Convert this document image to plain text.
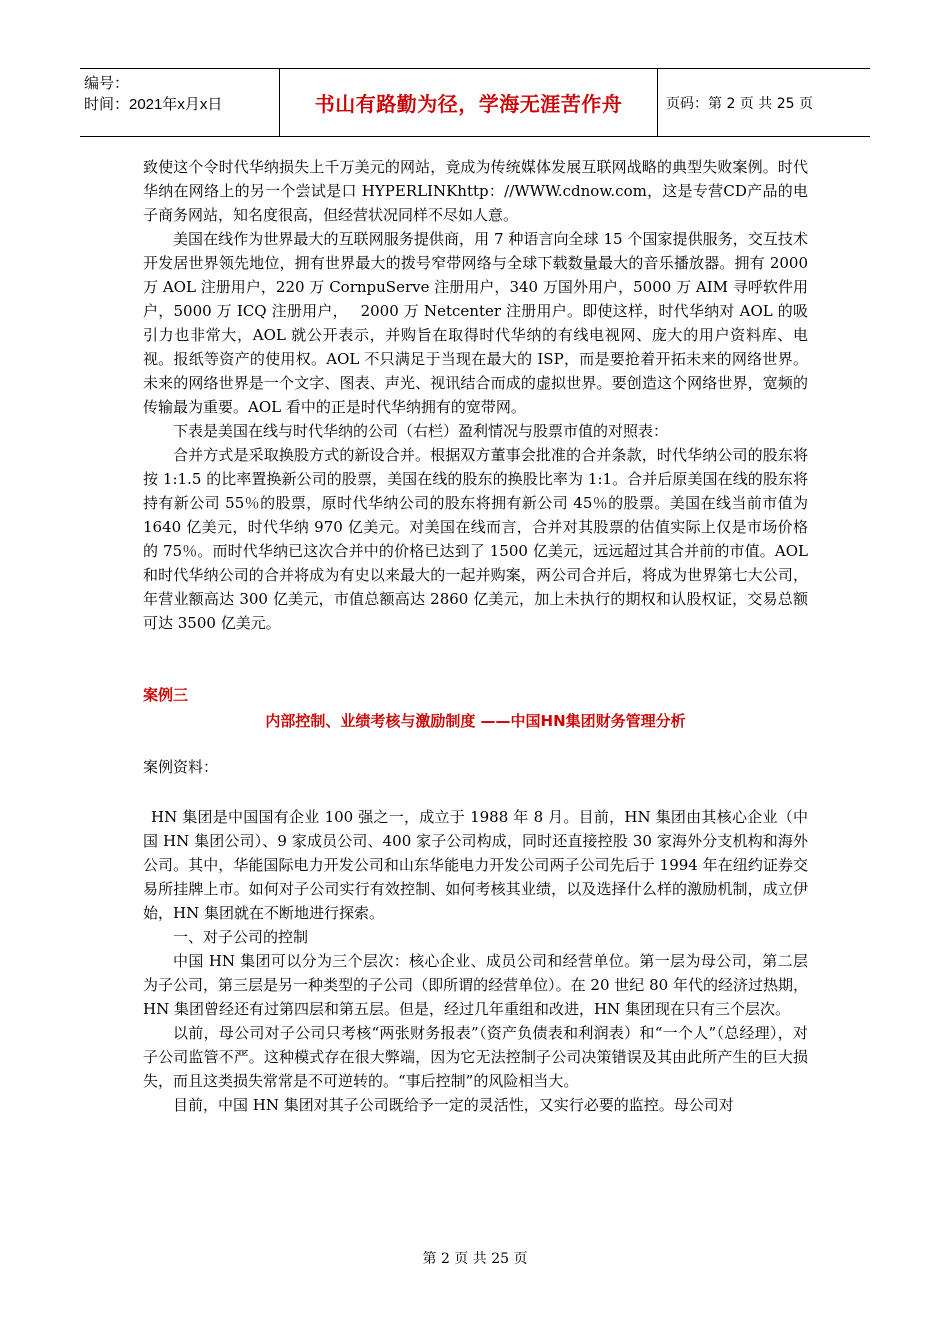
编号：
时间：2021年x月x日	书山有路勤为径，学海无涯苦作舟	页码：第 2 页 共 25 页

致使这个令时代华纳损失上千万美元的网站，竟成为传统媒体发展互联网战略的典型失败案例。时代华纳在网络上的另一个尝试是口 HYPERLINKhttp：//WWW.cdnow.com，这是专营CD产品的电子商务网站，知名度很高，但经营状况同样不尽如人意。

美国在线作为世界最大的互联网服务提供商，用 7 种语言向全球 15 个国家提供服务，交互技术开发居世界领先地位，拥有世界最大的拨号窄带网络与全球下载数量最大的音乐播放器。拥有 2000 万 AOL 注册用户，220 万 CornpuServe 注册用户，340 万国外用户，5000 万 AIM 寻呼软件用户，5000 万 ICQ 注册用户，　 2000 万 Netcenter 注册用户。即使这样，时代华纳对 AOL 的吸引力也非常大，AOL 就公开表示，并购旨在取得时代华纳的有线电视网、庞大的用户资料库、电视。报纸等资产的使用权。AOL 不只满足于当现在最大的 ISP，而是要抢着开拓未来的网络世界。未来的网络世界是一个文字、图表、声光、视讯结合而成的虚拟世界。要创造这个网络世界，宽频的传输最为重要。AOL 看中的正是时代华纳拥有的宽带网。

下表是美国在线与时代华纳的公司（右栏）盈利情况与股票市值的对照表：

合并方式是采取换股方式的新设合并。根据双方董事会批准的合并条款，时代华纳公司的股东将按 1:1.5 的比率置换新公司的股票，美国在线的股东的换股比率为 1:1。合并后原美国在线的股东将持有新公司 55％的股票，原时代华纳公司的股东将拥有新公司 45％的股票。美国在线当前市值为 1640 亿美元，时代华纳 970 亿美元。对美国在线而言，合并对其股票的估值实际上仅是市场价格的 75％。而时代华纳已这次合并中的价格已达到了 1500 亿美元，远远超过其合并前的市值。AOL 和时代华纳公司的合并将成为有史以来最大的一起并购案，两公司合并后，将成为世界第七大公司，年营业额高达 300 亿美元，市值总额高达 2860 亿美元，加上未执行的期权和认股权证，交易总额可达 3500 亿美元。

案例三

内部控制、业绩考核与激励制度 ——中国HN集团财务管理分析

案例资料：

HN 集团是中国国有企业 100 强之一，成立于 1988 年 8 月。目前，HN 集团由其核心企业（中国 HN 集团公司）、9 家成员公司、400 家子公司构成，同时还直接控股 30 家海外分支机构和海外公司。其中，华能国际电力开发公司和山东华能电力开发公司两子公司先后于 1994 年在纽约证券交易所挂牌上市。如何对子公司实行有效控制、如何考核其业绩，以及选择什么样的激励机制，成立伊始，HN 集团就在不断地进行探索。

一、对子公司的控制

中国 HN 集团可以分为三个层次：核心企业、成员公司和经营单位。第一层为母公司，第二层为子公司，第三层是另一种类型的子公司（即所谓的经营单位）。在 20 世纪 80 年代的经济过热期，HN 集团曾经还有过第四层和第五层。但是，经过几年重组和改进，HN 集团现在只有三个层次。

以前，母公司对子公司只考核“两张财务报表”（资产负债表和利润表）和“一个人”（总经理），对子公司监管不严。这种模式存在很大弊端，因为它无法控制子公司决策错误及其由此所产生的巨大损失，而且这类损失常常是不可逆转的。“事后控制”的风险相当大。

目前，中国 HN 集团对其子公司既给予一定的灵活性，又实行必要的监控。母公司对

第 2 页 共 25 页
